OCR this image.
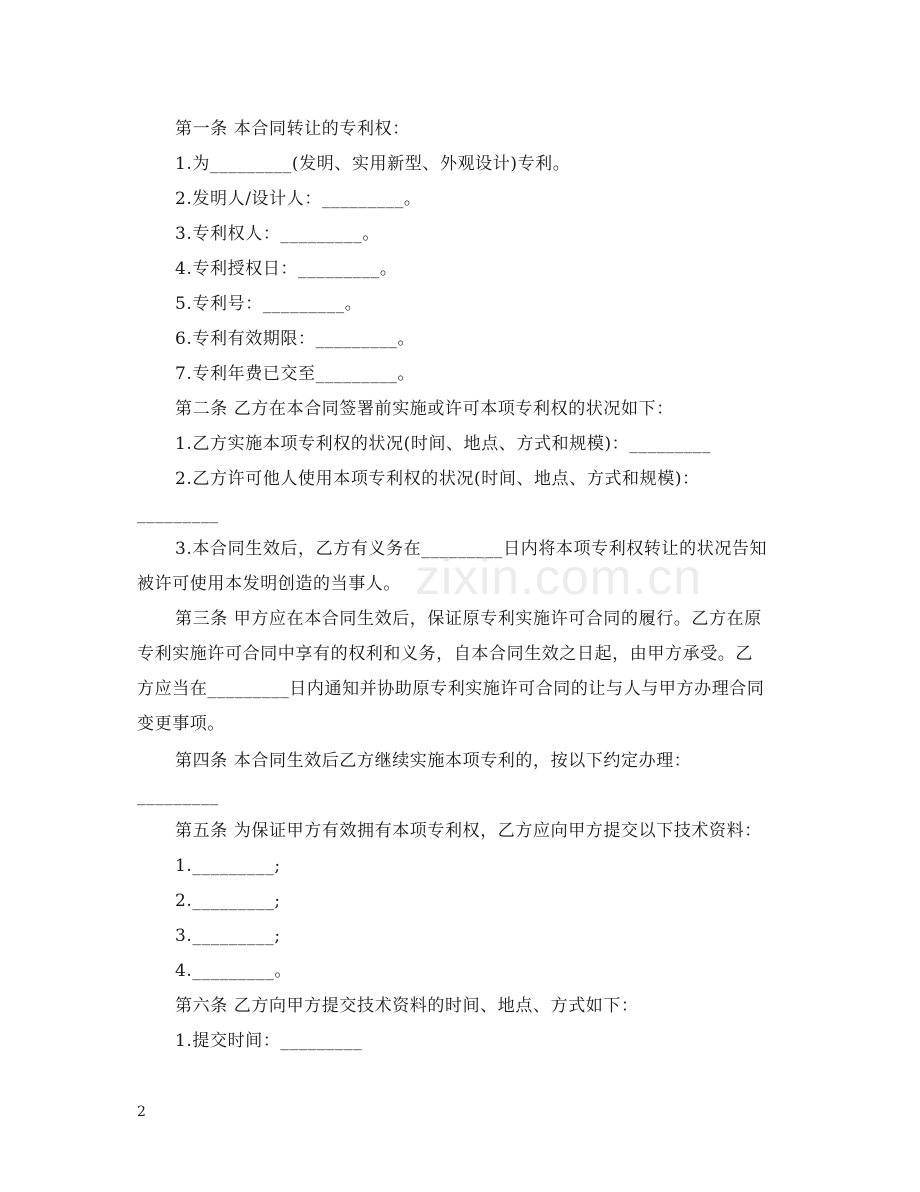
第一条 本合同转让的专利权：
1.为_________(发明、实用新型、外观设计)专利。
2.发明人/设计人：_________。
3.专利权人：_________。
4.专利授权日：_________。
5.专利号：_________。
6.专利有效期限：_________。
7.专利年费已交至_________。
第二条 乙方在本合同签署前实施或许可本项专利权的状况如下：
1.乙方实施本项专利权的状况(时间、地点、方式和规模)：_________
2.乙方许可他人使用本项专利权的状况(时间、地点、方式和规模)：
_________
3.本合同生效后，乙方有义务在_________日内将本项专利权转让的状况告知
被许可使用本发明创造的当事人。
第三条 甲方应在本合同生效后，保证原专利实施许可合同的履行。乙方在原
专利实施许可合同中享有的权利和义务，自本合同生效之日起，由甲方承受。乙
方应当在_________日内通知并协助原专利实施许可合同的让与人与甲方办理合同
变更事项。
第四条 本合同生效后乙方继续实施本项专利的，按以下约定办理：
_________
第五条 为保证甲方有效拥有本项专利权，乙方应向甲方提交以下技术资料：
1._________;
2._________;
3._________;
4._________。
第六条 乙方向甲方提交技术资料的时间、地点、方式如下：
1.提交时间：_________
zixin.com.cn
2
